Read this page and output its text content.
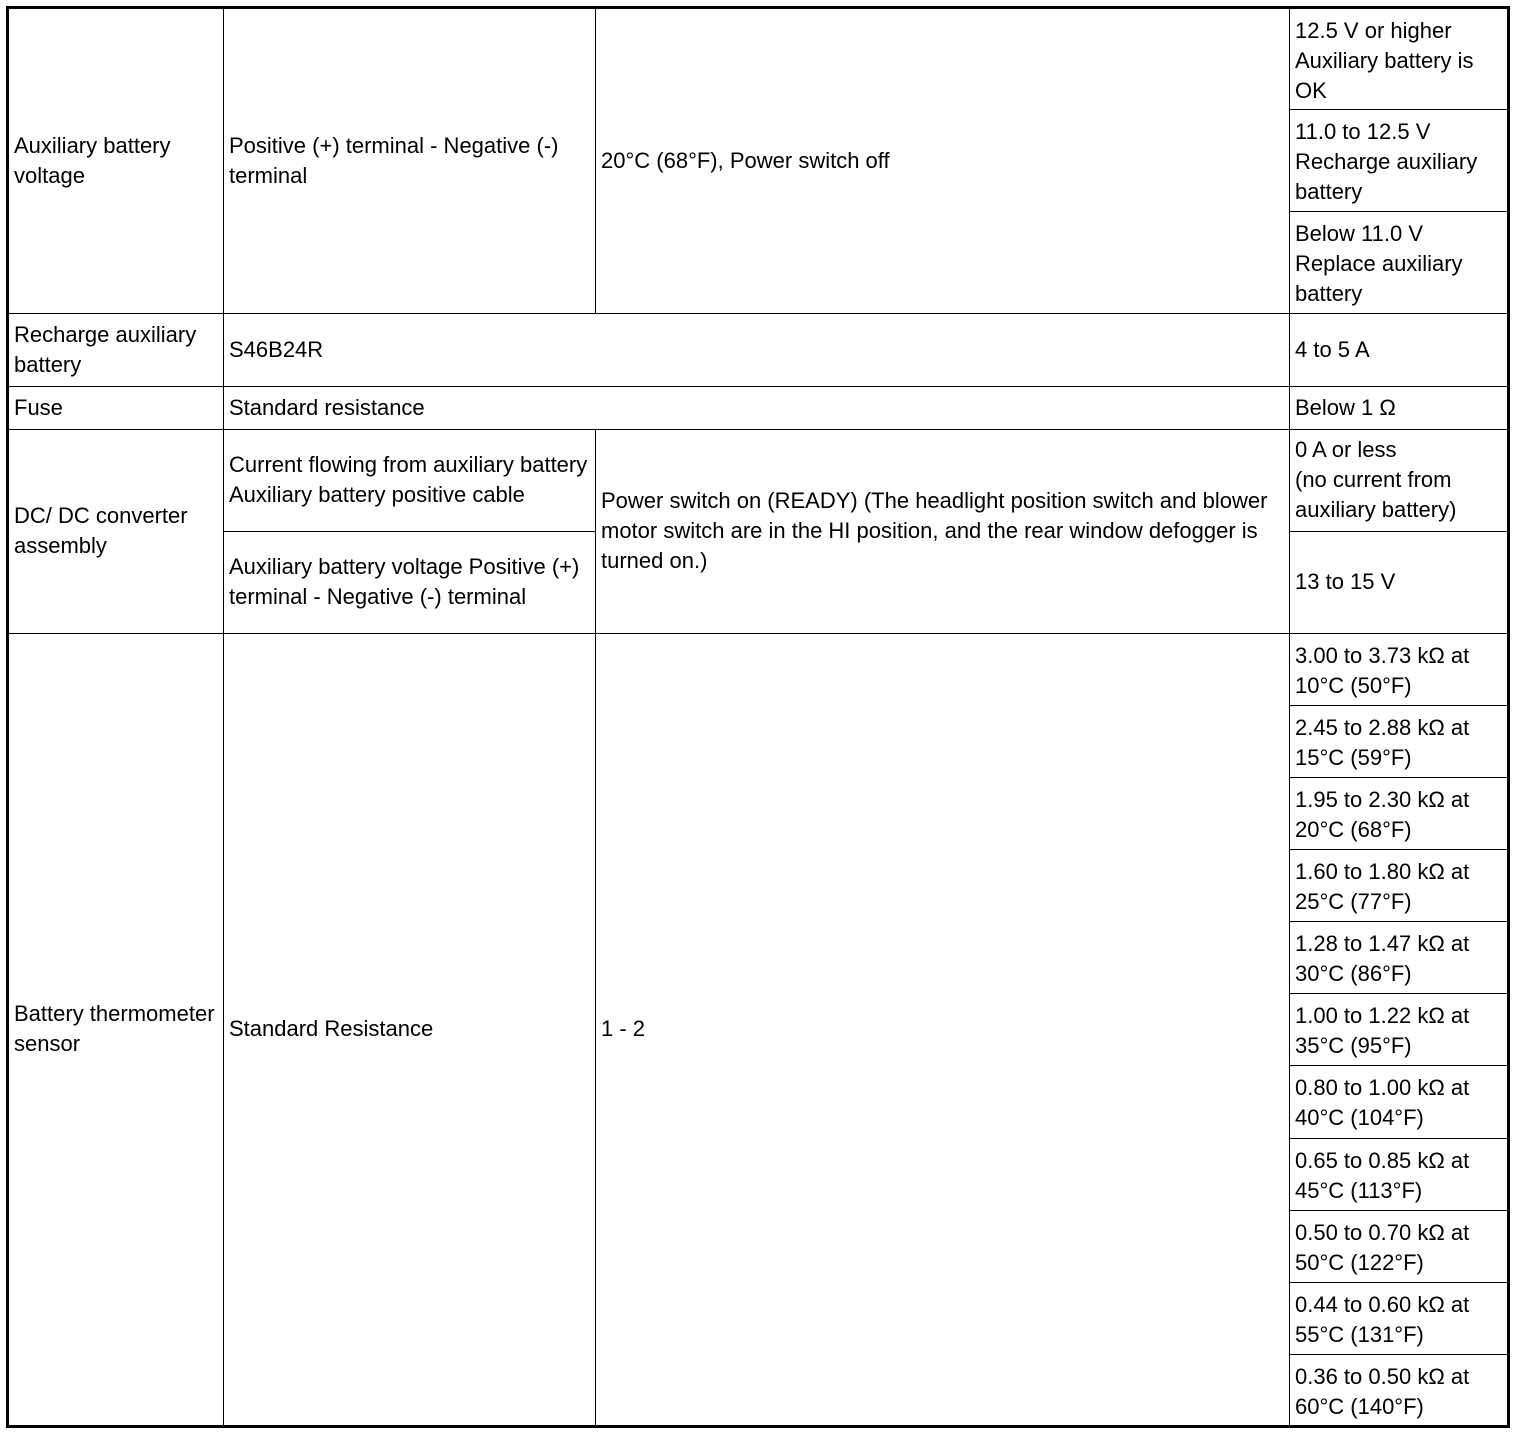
Auxiliary battery voltage	Positive (+) terminal - Negative (-) terminal	20°C (68°F), Power switch off	12.5 V or higher
Auxiliary battery is OK

			11.0 to 12.5 V
Recharge auxiliary battery

			Below 11.0 V
Replace auxiliary battery

Recharge auxiliary battery	S46B24R		4 to 5 A
Fuse	Standard resistance		Below 1 Ω
DC/ DC converter assembly	Current flowing from auxiliary battery Auxiliary battery positive cable	Power switch on (READY) (The headlight position switch and blower motor switch are in the HI position, and the rear window defogger is turned on.)	0 A or less
(no current from auxiliary battery)

	Auxiliary battery voltage Positive (+) terminal - Negative (-) terminal		13 to 15 V
Battery thermometer sensor	Standard Resistance	1 - 2	3.00 to 3.73 kΩ at
10°C (50°F)

			2.45 to 2.88 kΩ at
15°C (59°F)

			1.95 to 2.30 kΩ at
20°C (68°F)

			1.60 to 1.80 kΩ at
25°C (77°F)

			1.28 to 1.47 kΩ at
30°C (86°F)

			1.00 to 1.22 kΩ at
35°C (95°F)

			0.80 to 1.00 kΩ at
40°C (104°F)

			0.65 to 0.85 kΩ at
45°C (113°F)

			0.50 to 0.70 kΩ at
50°C (122°F)

			0.44 to 0.60 kΩ at
55°C (131°F)

			0.36 to 0.50 kΩ at
60°C (140°F)
